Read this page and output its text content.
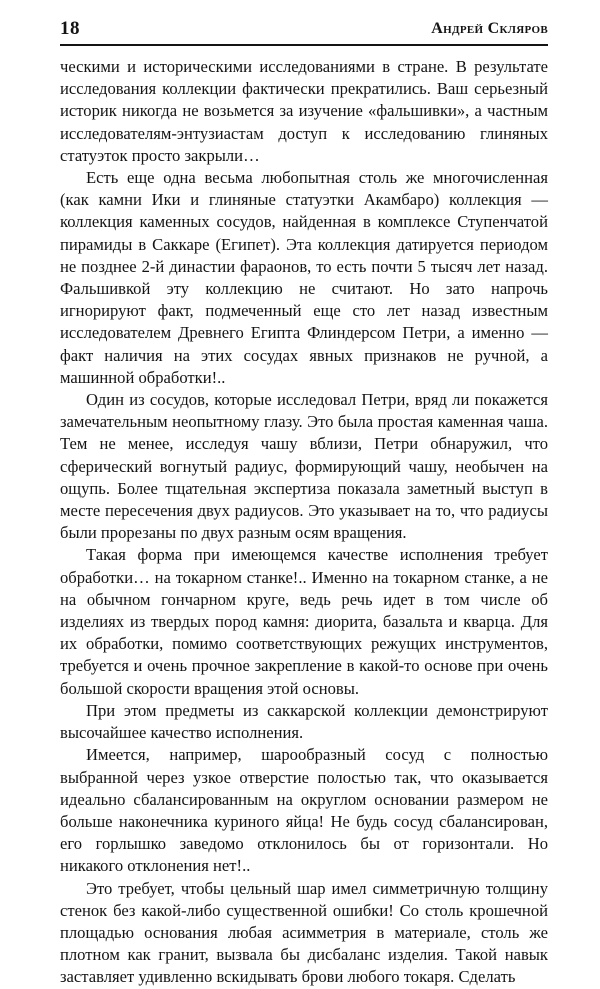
18	Андрей Скляров

ческими и историческими исследованиями в стране. В результате исследования коллекции фактически прекратились. Ваш серьезный историк никогда не возьмется за изучение «фальшивки», а частным исследователям-энтузиастам доступ к исследованию глиняных статуэток просто закрыли…

Есть еще одна весьма любопытная столь же многочисленная (как камни Ики и глиняные статуэтки Акамбаро) коллекция — коллекция каменных сосудов, найденная в комплексе Ступенчатой пирамиды в Саккаре (Египет). Эта коллекция датируется периодом не позднее 2-й династии фараонов, то есть почти 5 тысяч лет назад. Фальшивкой эту коллекцию не считают. Но зато напрочь игнорируют факт, подмеченный еще сто лет назад известным исследователем Древнего Египта Флиндерсом Петри, а именно — факт наличия на этих сосудах явных признаков не ручной, а машинной обработки!..

Один из сосудов, которые исследовал Петри, вряд ли покажется замечательным неопытному глазу. Это была простая каменная чаша. Тем не менее, исследуя чашу вблизи, Петри обнаружил, что сферический вогнутый радиус, формирующий чашу, необычен на ощупь. Более тщательная экспертиза показала заметный выступ в месте пересечения двух радиусов. Это указывает на то, что радиусы были прорезаны по двух разным осям вращения.

Такая форма при имеющемся качестве исполнения требует обработки… на токарном станке!.. Именно на токарном станке, а не на обычном гончарном круге, ведь речь идет в том числе об изделиях из твердых пород камня: диорита, базальта и кварца. Для их обработки, помимо соответствующих режущих инструментов, требуется и очень прочное закрепление в какой-то основе при очень большой скорости вращения этой основы.

При этом предметы из саккарской коллекции демонстрируют высочайшее качество исполнения.

Имеется, например, шарообразный сосуд с полностью выбранной через узкое отверстие полостью так, что оказывается идеально сбалансированным на округлом основании размером не больше наконечника куриного яйца! Не будь сосуд сбалансирован, его горлышко заведомо отклонилось бы от горизонтали. Но никакого отклонения нет!..

Это требует, чтобы цельный шар имел симметричную толщину стенок без какой-либо существенной ошибки! Со столь крошечной площадью основания любая асимметрия в материале, столь же плотном как гранит, вызвала бы дисбаланс изделия. Такой навык заставляет удивленно вскидывать брови любого токаря. Сделать
